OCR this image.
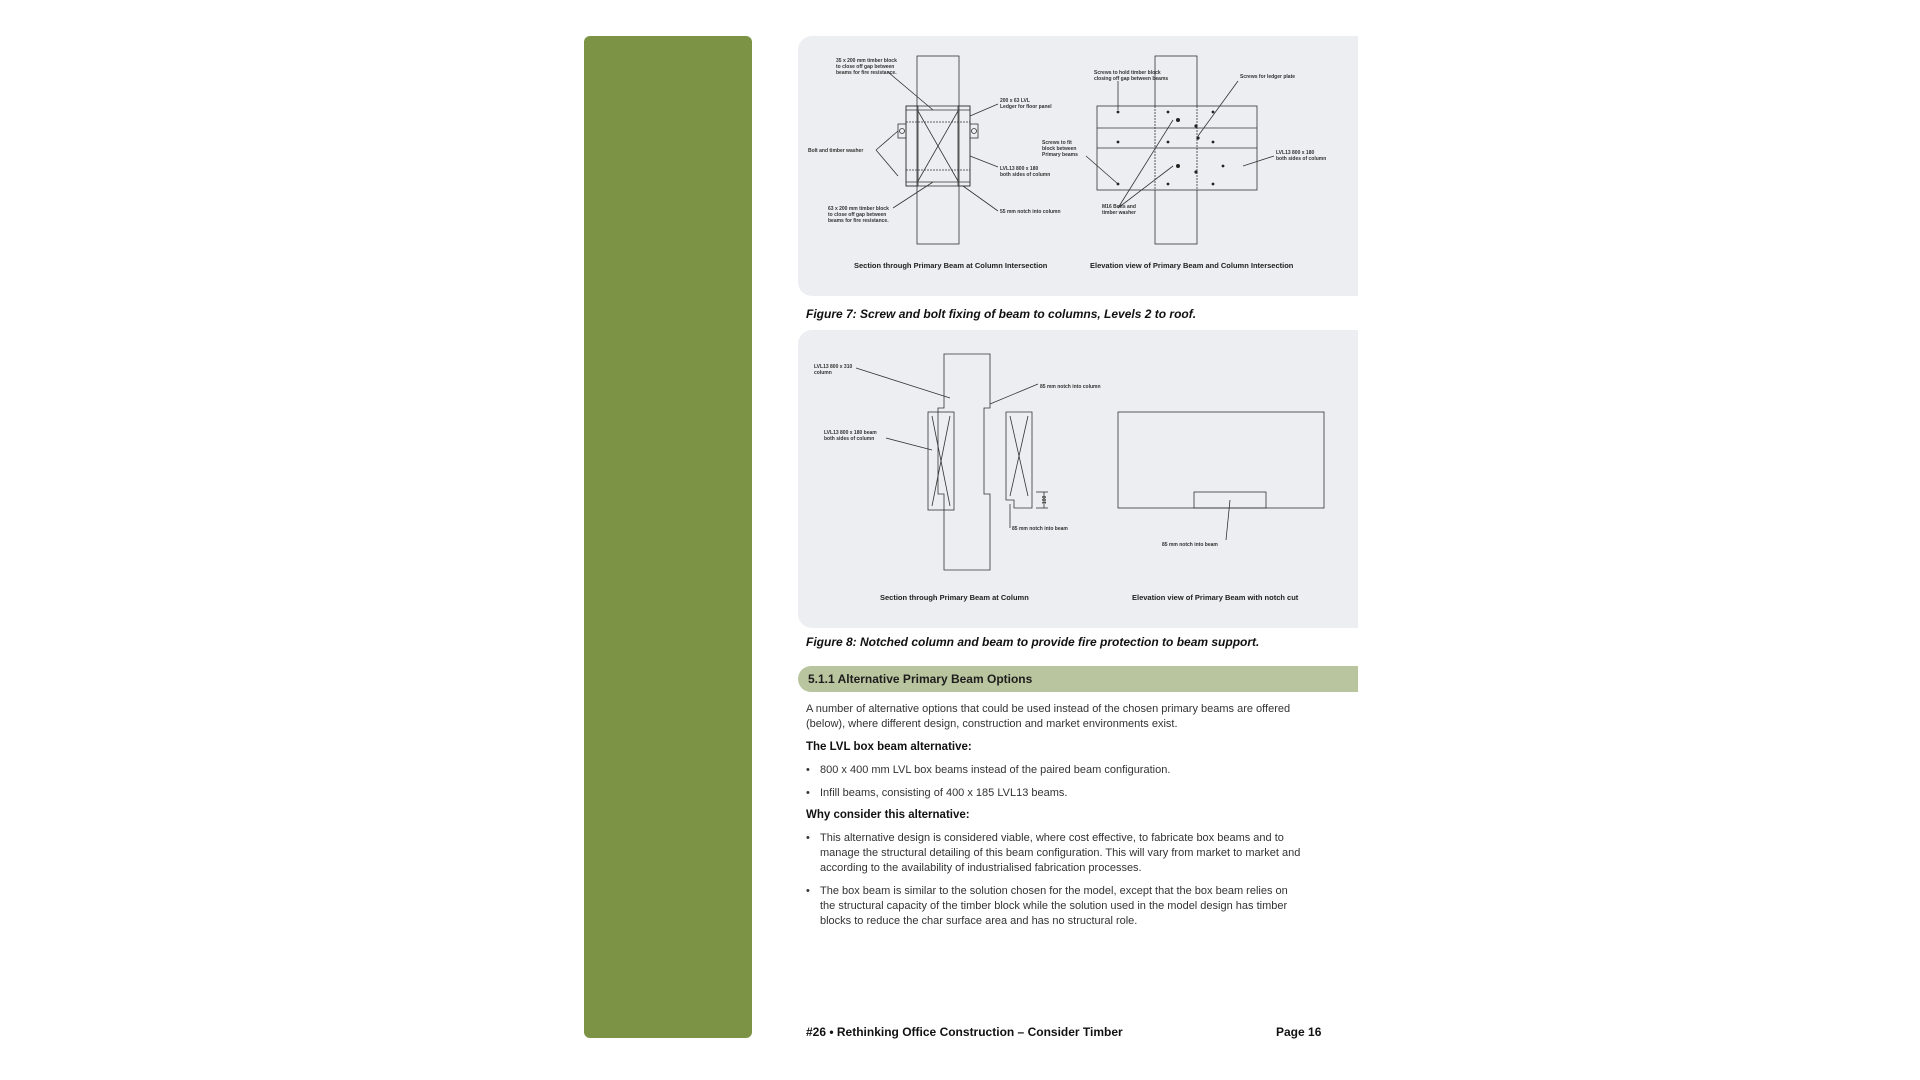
35 x 200 mm timber block to close off gap between beams for fire resistance.
200 x 63 LVL Ledger for floor panel
Bolt and timber washer
LVL13 800 x 180 both sides of column
63 x 200 mm timber block to close off gap between beams for fire resistance.
55 mm notch into column
Screws to hold timber block closing off gap between beams	Screws for ledger plate
Screws to fit block between Primary beams	LVL13 800 x 180 both sides of column
M16 Bolts and timber washer
Section through Primary Beam at Column Intersection	Elevation view of Primary Beam and Column Intersection
Figure 7: Screw and bolt fixing of beam to columns, Levels 2 to roof.
LVL13 800 x 310 column
LVL13 800 x 180 beam both sides of column
85 mm notch into column
100
85 mm notch into beam
85 mm notch into beam
Section through Primary Beam at Column	Elevation view of Primary Beam with notch cut
Figure 8: Notched column and beam to provide fire protection to beam support.
5.1.1 Alternative Primary Beam Options
A number of alternative options that could be used instead of the chosen primary beams are offered
(below), where different design, construction and market environments exist.
The LVL box beam alternative:
• 800 x 400 mm LVL box beams instead of the paired beam configuration.
• Infill beams, consisting of 400 x 185 LVL13 beams.
Why consider this alternative:
• This alternative design is considered viable, where cost effective, to fabricate box beams and to
manage the structural detailing of this beam configuration. This will vary from market to market and
according to the availability of industrialised fabrication processes.
• The box beam is similar to the solution chosen for the model, except that the box beam relies on
the structural capacity of the timber block while the solution used in the model design has timber
blocks to reduce the char surface area and has no structural role.
#26 • Rethinking Office Construction – Consider Timber	Page 16
